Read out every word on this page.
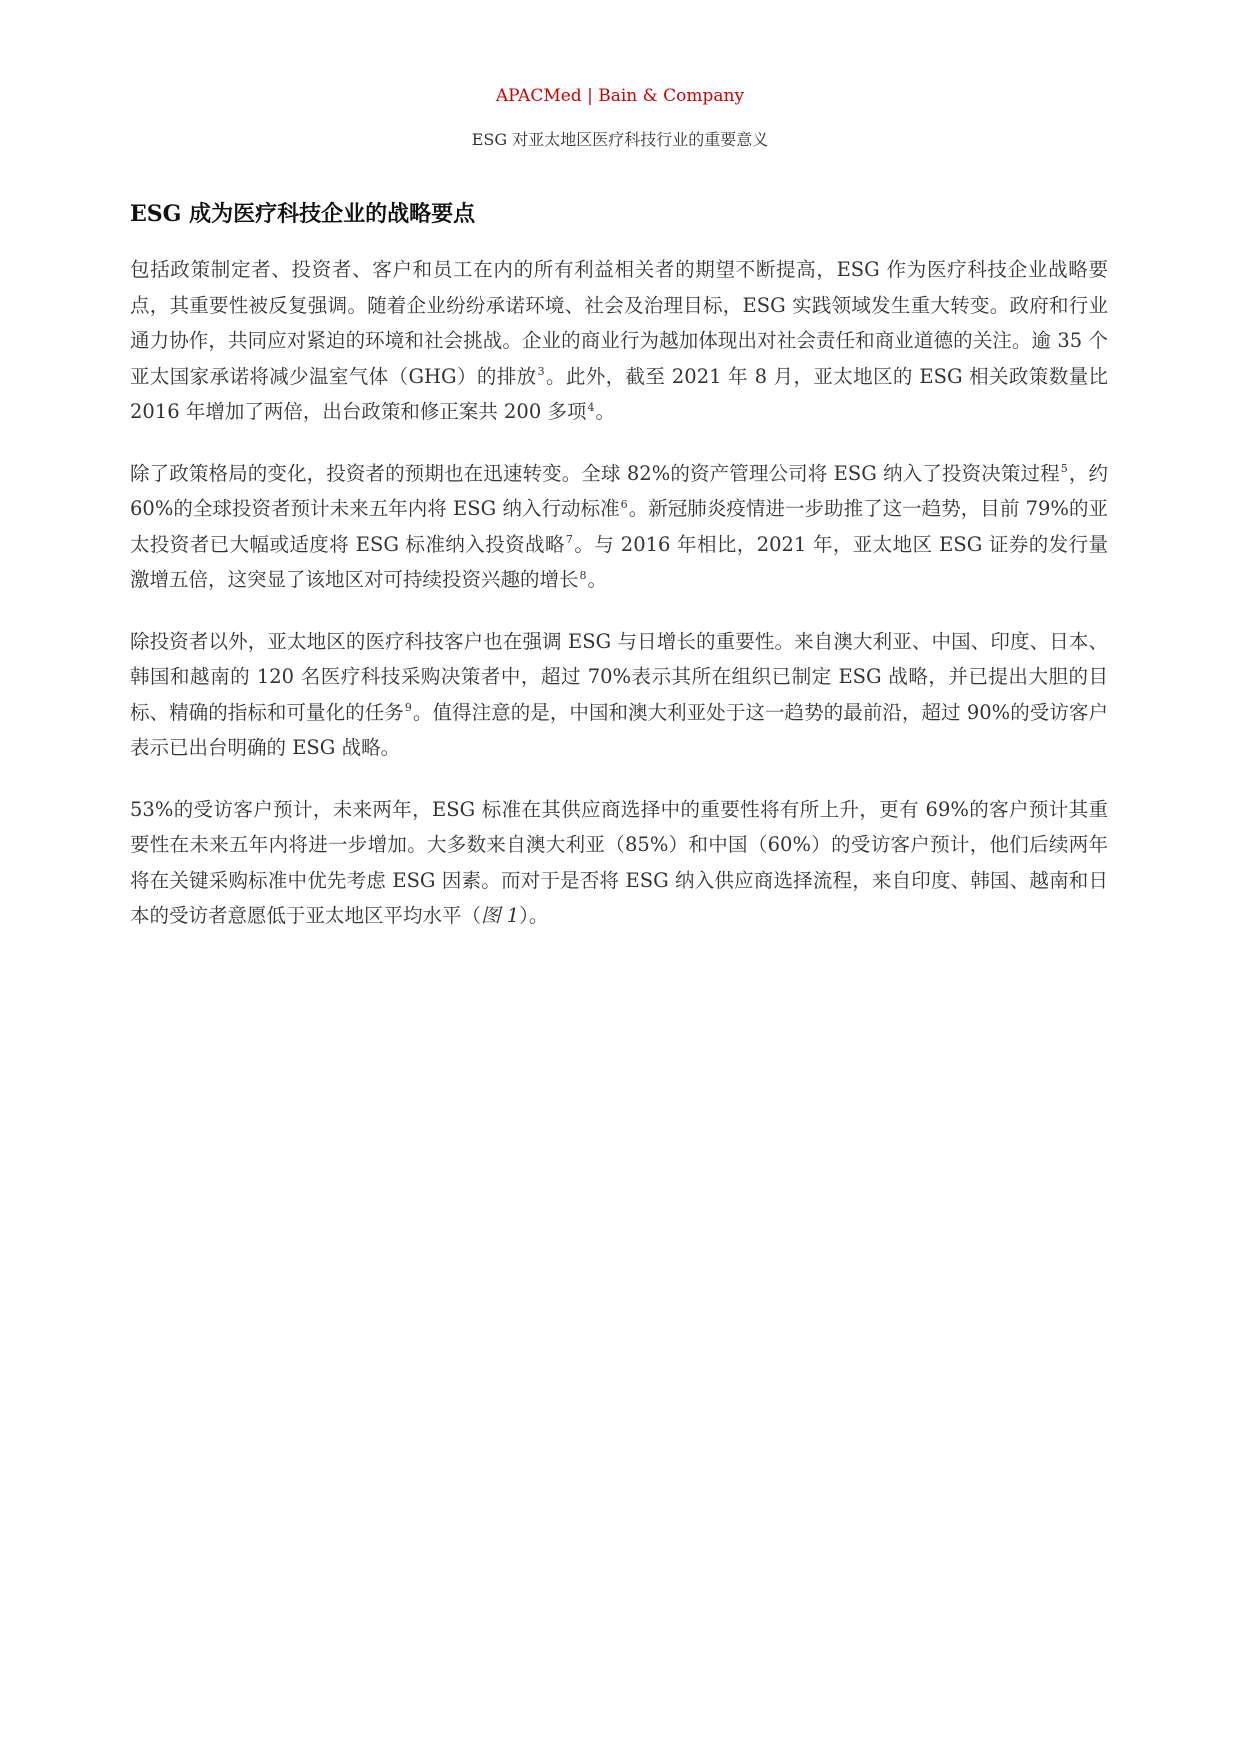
APACMed | Bain & Company
ESG 对亚太地区医疗科技行业的重要意义
ESG 成为医疗科技企业的战略要点

包括政策制定者、投资者、客户和员工在内的所有利益相关者的期望不断提高，ESG 作为医疗科技企业战略要点，其重要性被反复强调。随着企业纷纷承诺环境、社会及治理目标，ESG 实践领域发生重大转变。政府和行业通力协作，共同应对紧迫的环境和社会挑战。企业的商业行为越加体现出对社会责任和商业道德的关注。逾 35 个亚太国家承诺将减少温室气体（GHG）的排放$^3$。此外，截至 2021 年 8 月，亚太地区的 ESG 相关政策数量比 2016 年增加了两倍，出台政策和修正案共 200 多项$^4$。

除了政策格局的变化，投资者的预期也在迅速转变。全球 82%的资产管理公司将 ESG 纳入了投资决策过程$^5$，约 60%的全球投资者预计未来五年内将 ESG 纳入行动标准$^6$。新冠肺炎疫情进一步助推了这一趋势，目前 79%的亚太投资者已大幅或适度将 ESG 标准纳入投资战略$^7$。与 2016 年相比，2021 年，亚太地区 ESG 证券的发行量激增五倍，这突显了该地区对可持续投资兴趣的增长$^8$。

除投资者以外，亚太地区的医疗科技客户也在强调 ESG 与日增长的重要性。来自澳大利亚、中国、印度、日本、韩国和越南的 120 名医疗科技采购决策者中，超过 70%表示其所在组织已制定 ESG 战略，并已提出大胆的目标、精确的指标和可量化的任务$^9$。值得注意的是，中国和澳大利亚处于这一趋势的最前沿，超过 90%的受访客户表示已出台明确的 ESG 战略。

53%的受访客户预计，未来两年，ESG 标准在其供应商选择中的重要性将有所上升，更有 69%的客户预计其重要性在未来五年内将进一步增加。大多数来自澳大利亚（85%）和中国（60%）的受访客户预计，他们后续两年将在关键采购标准中优先考虑 ESG 因素。而对于是否将 ESG 纳入供应商选择流程，来自印度、韩国、越南和日本的受访者意愿低于亚太地区平均水平（图 1）。
